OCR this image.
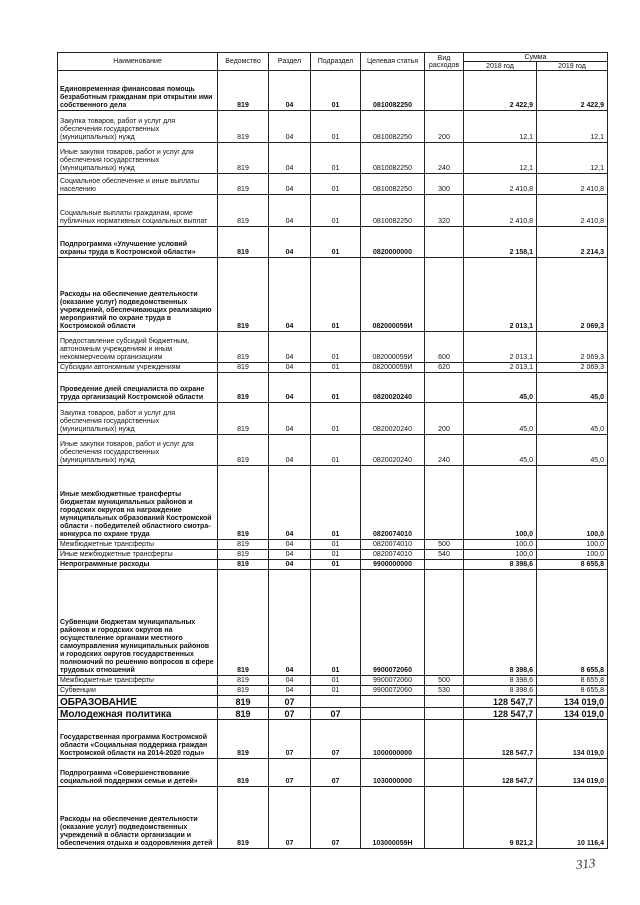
Наименование	Ведомство	Раздел	Подраздел	Целевая статья	Вид расходов	Сумма	
						2018 год	2019 год
Единовременная финансовая помощь безработным гражданам при открытии ими собственного дела	819	04	01	0810082250		2 422,9	2 422,9
Закупка товаров, работ и услуг для обеспечения государственных (муниципальных) нужд	819	04	01	0810082250	200	12,1	12,1
Иные закупки товаров, работ и услуг для обеспечения государственных (муниципальных) нужд	819	04	01	0810082250	240	12,1	12,1
Социальное обеспечение и иные выплаты населению	819	04	01	0810082250	300	2 410,8	2 410,8
Социальные выплаты гражданам, кроме публичных нормативных социальных выплат	819	04	01	0810082250	320	2 410,8	2 410,8
Подпрограмма «Улучшение условий охраны труда в Костромской области»	819	04	01	0820000000		2 158,1	2 214,3
Расходы на обеспечение деятельности (оказание услуг) подведомственных учреждений, обеспечивающих реализацию мероприятий по охране труда в Костромской области	819	04	01	082000059И		2 013,1	2 069,3
Предоставление субсидий бюджетным, автономным учреждениям и иным некоммерческим организациям	819	04	01	082000059И	600	2 013,1	2 069,3
Субсидии автономным учреждениям	819	04	01	082000059И	620	2 013,1	2 069,3
Проведение дней специалиста по охране труда организаций Костромской области	819	04	01	0820020240		45,0	45,0
Закупка товаров, работ и услуг для обеспечения государственных (муниципальных) нужд	819	04	01	0820020240	200	45,0	45,0
Иные закупки товаров, работ и услуг для обеспечения государственных (муниципальных) нужд	819	04	01	0820020240	240	45,0	45,0
Иные межбюджетные трансферты бюджетам муниципальных районов и городских округов на награждение муниципальных образований Костромской области - победителей областного смотра-конкурса по охране труда	819	04	01	0820074010		100,0	100,0
Межбюджетные трансферты	819	04	01	0820074010	500	100,0	100,0
Иные межбюджетные трансферты	819	04	01	0820074010	540	100,0	100,0
Непрограммные расходы	819	04	01	9900000000		8 398,6	8 655,8
Субвенции бюджетам муниципальных районов и городских округов на осуществление органами местного самоуправления муниципальных районов и городских округов государственных полномочий по решению вопросов в сфере трудовых отношений	819	04	01	9900072060		8 398,6	8 655,8
Межбюджетные трансферты	819	04	01	9900072060	500	8 398,6	8 655,8
Субвенции	819	04	01	9900072060	530	8 398,6	8 655,8
ОБРАЗОВАНИЕ	819	07				128 547,7	134 019,0
Молодежная политика	819	07	07			128 547,7	134 019,0
Государственная программа Костромской области «Социальная поддержка граждан Костромской области на 2014-2020 годы»	819	07	07	1000000000		128 547,7	134 019,0
Подпрограмма «Совершенствование социальной поддержки семьи и детей»	819	07	07	1030000000		128 547,7	134 019,0
Расходы на обеспечение деятельности (оказание услуг) подведомственных учреждений в области организации и обеспечения отдыха и оздоровления детей	819	07	07	103000059Н		9 821,2	10 116,4
313
